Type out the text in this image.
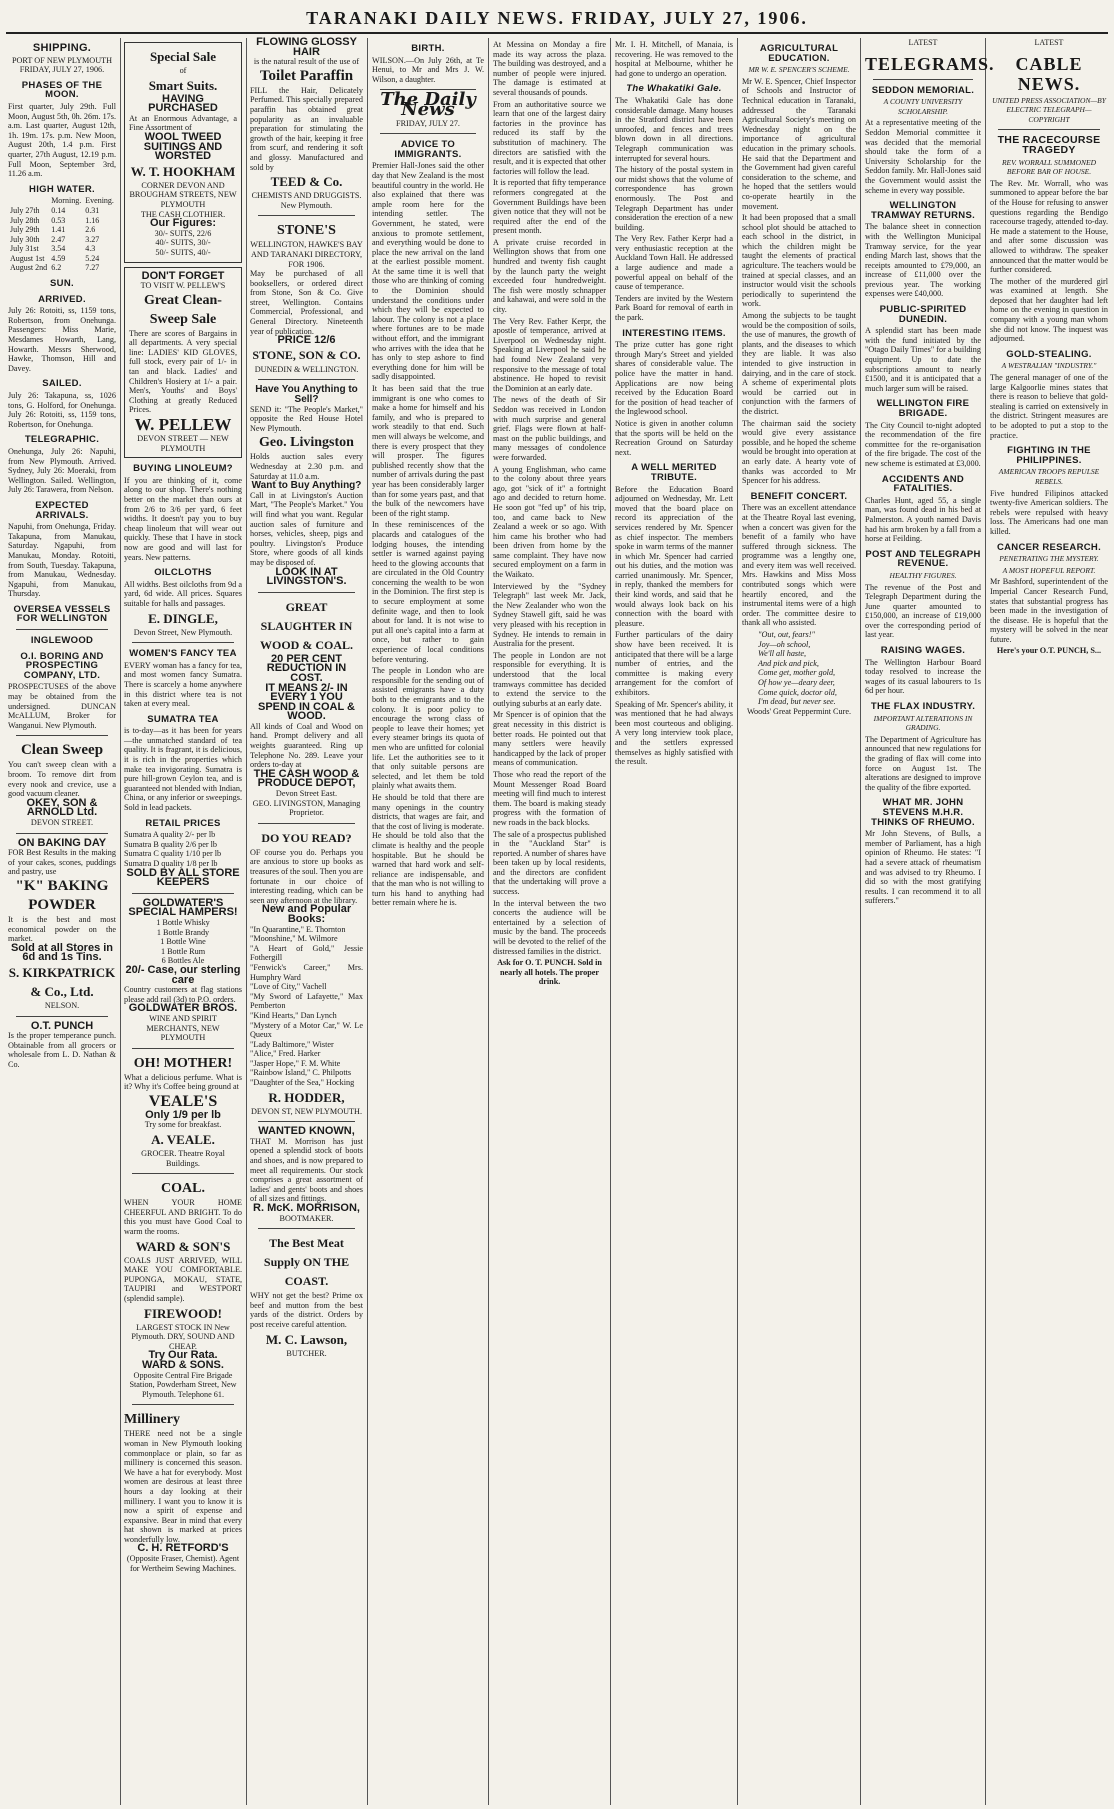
TARANAKI DAILY NEWS. FRIDAY, JULY 27, 1906.
SHIPPING.
PORT OF NEW PLYMOUTH
FRIDAY, JULY 27, 1906.
PHASES OF THE MOON.
First quarter, July 29th. Full Moon, August 5th, 0h. 26m. 17s. a.m. Last quarter, August 12th, 1h. 19m. 17s. p.m. New Moon, August 20th, 1.4 p.m. First quarter, 27th August, 12.19 p.m. Full Moon, September 3rd, 11.26 a.m.
HIGH WATER.
	Morning.	Evening.
July 27th	0.14	0.31
July 28th	0.53	1.16
July 29th	1.41	2.6
July 30th	2.47	3.27
July 31st	3.54	4.3
August 1st	4.59	5.24
August 2nd	6.2	7.27
SUN.
ARRIVED.
July 26: Rotoiti, ss, 1159 tons, Robertson, from Onehunga. Passengers: Miss Marie, Mesdames Howarth, Lang, Howarth. Messrs Sherwood, Hawke, Thomson, Hill and Davey.
SAILED.
July 26: Takapuna, ss, 1026 tons, G. Holford, for Onehunga. July 26: Rotoiti, ss, 1159 tons, Robertson, for Onehunga.
TELEGRAPHIC.
Onehunga, July 26: Napuhi, from New Plymouth. Arrived. Sydney, July 26: Moeraki, from Wellington. Sailed. Wellington, July 26: Tarawera, from Nelson.
EXPECTED ARRIVALS.
Napuhi, from Onehunga, Friday. Takapuna, from Manukau, Saturday. Ngapuhi, from Manukau, Monday. Rotoiti, from South, Tuesday. Takapuna, from Manukau, Wednesday. Ngapuhi, from Manukau, Thursday.
OVERSEA VESSELS FOR WELLINGTON
INGLEWOOD
O.I. BORING AND PROSPECTING COMPANY, LTD.
PROSPECTUSES of the above may be obtained from the undersigned. DUNCAN McALLUM, Broker for Wanganui. New Plymouth.
Clean Sweep
You can't sweep clean with a broom. To remove dirt from every nook and crevice, use a good vacuum cleaner.
OKEY, SON & ARNOLD Ltd.
DEVON STREET.
ON BAKING DAY
FOR Best Results in the making of your cakes, scones, puddings and pastry, use
"K" BAKING POWDER
It is the best and most economical powder on the market.
Sold at all Stores in 6d and 1s Tins.
S. KIRKPATRICK & Co., Ltd.
NELSON.
O.T. PUNCH
Is the proper temperance punch. Obtainable from all grocers or wholesale from L. D. Nathan & Co.
Special Sale
of
Smart Suits.
HAVING PURCHASED
At an Enormous Advantage, a Fine Assortment of
WOOL TWEED SUITINGS AND WORSTED
W. T. HOOKHAM
CORNER DEVON AND BROUGHAM STREETS, NEW PLYMOUTH
THE CASH CLOTHIER.
Our Figures:
30/- SUITS, 22/6
40/- SUITS, 30/-
50/- SUITS, 40/-
DON'T FORGET
TO VISIT W. PELLEW'S
Great Clean-Sweep Sale
There are scores of Bargains in all departments. A very special line: LADIES' KID GLOVES, full stock, every pair of 1/- in tan and black. Ladies' and Children's Hosiery at 1/- a pair. Men's, Youths' and Boys' Clothing at greatly Reduced Prices.
W. PELLEW
DEVON STREET — NEW PLYMOUTH
BUYING LINOLEUM?
If you are thinking of it, come along to our shop. There's nothing better on the market than ours at from 2/6 to 3/6 per yard, 6 feet widths. It doesn't pay you to buy cheap linoleum that will wear out quickly. These that I have in stock now are good and will last for years. New patterns.
OILCLOTHS
All widths. Best oilcloths from 9d a yard, 6d wide. All prices. Squares suitable for halls and passages.
E. DINGLE,
Devon Street, New Plymouth.
WOMEN'S FANCY TEA
EVERY woman has a fancy for tea, and most women fancy Sumatra. There is scarcely a home anywhere in this district where tea is not taken at every meal.
SUMATRA TEA
is to-day—as it has been for years—the unmatched standard of tea quality. It is fragrant, it is delicious, it is rich in the properties which make tea invigorating. Sumatra is pure hill-grown Ceylon tea, and is guaranteed not blended with Indian, China, or any inferior or sweepings. Sold in lead packets.
RETAIL PRICES
Sumatra A quality 2/- per lb
Sumatra B quality 2/6 per lb
Sumatra C quality 1/10 per lb
Sumatra D quality 1/8 per lb
SOLD BY ALL STORE KEEPERS
GOLDWATER'S SPECIAL HAMPERS!
1 Bottle Whisky
1 Bottle Brandy
1 Bottle Wine
1 Bottle Rum
6 Bottles Ale
20/- Case, our sterling care
Country customers at flag stations please add rail (3d) to P.O. orders.
GOLDWATER BROS.
WINE AND SPIRIT MERCHANTS, NEW PLYMOUTH
OH! MOTHER!
What a delicious perfume. What is it? Why it's Coffee being ground at
VEALE'S
Only 1/9 per lb
Try some for breakfast.
A. VEALE.
GROCER. Theatre Royal Buildings.
COAL.
WHEN YOUR HOME CHEERFUL AND BRIGHT. To do this you must have Good Coal to warm the rooms.
WARD & SON'S
COALS JUST ARRIVED, WILL MAKE YOU COMFORTABLE. PUPONGA, MOKAU, STATE, TAUPIRI and WESTPORT (splendid sample).
FIREWOOD!
LARGEST STOCK IN New Plymouth. DRY, SOUND AND CHEAP.
Try Our Rata.
WARD & SONS.
Opposite Central Fire Brigade Station, Powderham Street, New Plymouth. Telephone 61.
Millinery
THERE need not be a single woman in New Plymouth looking commonplace or plain, so far as millinery is concerned this season. We have a hat for everybody. Most women are desirous at least three hours a day looking at their millinery. I want you to know it is now a spirit of expense and expansive. Bear in mind that every hat shown is marked at prices wonderfully low.
C. H. RETFORD'S
(Opposite Fraser, Chemist). Agent for Wertheim Sewing Machines.
FLOWING GLOSSY HAIR
is the natural result of the use of
Toilet Paraffin
FILL the Hair, Delicately Perfumed. This specially prepared paraffin has obtained great popularity as an invaluable preparation for stimulating the growth of the hair, keeping it free from scurf, and rendering it soft and glossy. Manufactured and sold by
TEED & Co.
CHEMISTS AND DRUGGISTS. New Plymouth.
STONE'S
WELLINGTON, HAWKE'S BAY AND TARANAKI DIRECTORY, FOR 1906.
May be purchased of all booksellers, or ordered direct from Stone, Son & Co. Give street, Wellington. Contains Commercial, Professional, and General Directory. Nineteenth year of publication.
PRICE 12/6
STONE, SON & CO.
DUNEDIN & WELLINGTON.
Have You Anything to Sell?
SEND it: "The People's Market," opposite the Red House Hotel New Plymouth.
Geo. Livingston
Holds auction sales every Wednesday at 2.30 p.m. and Saturday at 11.0 a.m.
Want to Buy Anything?
Call in at Livingston's Auction Mart, "The People's Market." You will find what you want. Regular auction sales of furniture and horses, vehicles, sheep, pigs and poultry. Livingston's Produce Store, where goods of all kinds may be disposed of.
LOOK IN AT LIVINGSTON'S.
GREAT SLAUGHTER IN WOOD & COAL.
20 PER CENT REDUCTION IN COST.
IT MEANS 2/- IN EVERY 1 YOU SPEND IN COAL & WOOD.
All kinds of Coal and Wood on hand. Prompt delivery and all weights guaranteed. Ring up Telephone No. 289. Leave your orders to-day at
THE CASH WOOD & PRODUCE DEPOT,
Devon Street East.
GEO. LIVINGSTON, Managing Proprietor.
DO YOU READ?
OF course you do. Perhaps you are anxious to store up books as treasures of the soul. Then you are fortunate in our choice of interesting reading, which can be seen any afternoon at the library.
New and Popular Books:
"In Quarantine," E. Thornton
"Moonshine," M. Wilmore
"A Heart of Gold," Jessie Fothergill
"Fenwick's Career," Mrs. Humphry Ward
"Love of City," Vachell
"My Sword of Lafayette," Max Pemberton
"Kind Hearts," Dan Lynch
"Mystery of a Motor Car," W. Le Queux
"Lady Baltimore," Wister
"Alice," Fred. Harker
"Jasper Hope," F. M. White
"Rainbow Island," C. Philpotts
"Daughter of the Sea," Hocking
R. HODDER,
DEVON ST, NEW PLYMOUTH.
WANTED KNOWN,
THAT M. Morrison has just opened a splendid stock of boots and shoes, and is now prepared to meet all requirements. Our stock comprises a great assortment of ladies' and gents' boots and shoes of all sizes and fittings.
R. McK. MORRISON,
BOOTMAKER.
The Best Meat Supply ON THE COAST.
WHY not get the best? Prime ox beef and mutton from the best yards of the district. Orders by post receive careful attention.
M. C. Lawson,
BUTCHER.
BIRTH.
WILSON.—On July 26th, at Te Henui, to Mr and Mrs J. W. Wilson, a daughter.
The Daily News
FRIDAY, JULY 27.
ADVICE TO IMMIGRANTS.

Premier Hall-Jones said the other day that New Zealand is the most beautiful country in the world. He also explained that there was ample room here for the intending settler. The Government, he stated, were anxious to promote settlement, and everything would be done to place the new arrival on the land at the earliest possible moment. At the same time it is well that those who are thinking of coming to the Dominion should understand the conditions under which they will be expected to labour. The colony is not a place where fortunes are to be made without effort, and the immigrant who arrives with the idea that he has only to step ashore to find everything done for him will be sadly disappointed.

It has been said that the true immigrant is one who comes to make a home for himself and his family, and who is prepared to work steadily to that end. Such men will always be welcome, and there is every prospect that they will prosper. The figures published recently show that the number of arrivals during the past year has been considerably larger than for some years past, and that the bulk of the newcomers have been of the right stamp.

In these reminiscences of the placards and catalogues of the lodging houses, the intending settler is warned against paying heed to the glowing accounts that are circulated in the Old Country concerning the wealth to be won in the Dominion. The first step is to secure employment at some definite wage, and then to look about for land. It is not wise to put all one's capital into a farm at once, but rather to gain experience of local conditions before venturing.

The people in London who are responsible for the sending out of assisted emigrants have a duty both to the emigrants and to the colony. It is poor policy to encourage the wrong class of people to leave their homes; yet every steamer brings its quota of men who are unfitted for colonial life. Let the authorities see to it that only suitable persons are selected, and let them be told plainly what awaits them.

He should be told that there are many openings in the country districts, that wages are fair, and that the cost of living is moderate. He should be told also that the climate is healthy and the people hospitable. But he should be warned that hard work and self-reliance are indispensable, and that the man who is not willing to turn his hand to anything had better remain where he is.

At Messina on Monday a fire made its way across the plaza. The building was destroyed, and a number of people were injured. The damage is estimated at several thousands of pounds.

From an authoritative source we learn that one of the largest dairy factories in the province has reduced its staff by the substitution of machinery. The directors are satisfied with the result, and it is expected that other factories will follow the lead.

It is reported that fifty temperance reformers congregated at the Government Buildings have been given notice that they will not be required after the end of the present month.

A private cruise recorded in Wellington shows that from one hundred and twenty fish caught by the launch party the weight exceeded four hundredweight. The fish were mostly schnapper and kahawai, and were sold in the city.

The Very Rev. Father Kerpr, the apostle of temperance, arrived at Liverpool on Wednesday night. Speaking at Liverpool he said he had found New Zealand very responsive to the message of total abstinence. He hoped to revisit the Dominion at an early date.

The news of the death of Sir Seddon was received in London with much surprise and general grief. Flags were flown at half-mast on the public buildings, and many messages of condolence were forwarded.

A young Englishman, who came to the colony about three years ago, got "sick of it" a fortnight ago and decided to return home. He soon got "fed up" of his trip, too, and came back to New Zealand a week or so ago. With him came his brother who had been driven from home by the same complaint. They have now secured employment on a farm in the Waikato.

Interviewed by the "Sydney Telegraph" last week Mr. Jack, the New Zealander who won the Sydney Stawell gift, said he was very pleased with his reception in Sydney. He intends to remain in Australia for the present.

The people in London are not responsible for everything. It is understood that the local tramways committee has decided to extend the service to the outlying suburbs at an early date.

Mr Spencer is of opinion that the great necessity in this district is better roads. He pointed out that many settlers were heavily handicapped by the lack of proper means of communication.

Those who read the report of the Mount Messenger Road Board meeting will find much to interest them. The board is making steady progress with the formation of new roads in the back blocks.

The sale of a prospectus published in the "Auckland Star" is reported. A number of shares have been taken up by local residents, and the directors are confident that the undertaking will prove a success.

In the interval between the two concerts the audience will be entertained by a selection of music by the band. The proceeds will be devoted to the relief of the distressed families in the district.

Ask for O. T. PUNCH. Sold in nearly all hotels. The proper drink.

Mr. I. H. Mitchell, of Manaia, is recovering. He was removed to the hospital at Melbourne, whither he had gone to undergo an operation.

The Whakatiki Gale.

The Whakatiki Gale has done considerable damage. Many houses in the Stratford district have been unroofed, and fences and trees blown down in all directions. Telegraph communication was interrupted for several hours.

The history of the postal system in our midst shows that the volume of correspondence has grown enormously. The Post and Telegraph Department has under consideration the erection of a new building.

The Very Rev. Father Kerpr had a very enthusiastic reception at the Auckland Town Hall. He addressed a large audience and made a powerful appeal on behalf of the cause of temperance.

Tenders are invited by the Western Park Board for removal of earth in the park.

INTERESTING ITEMS.

The prize cutter has gone right through Mary's Street and yielded shares of considerable value. The police have the matter in hand. Applications are now being received by the Education Board for the position of head teacher of the Inglewood school.

Notice is given in another column that the sports will be held on the Recreation Ground on Saturday next.

A WELL MERITED TRIBUTE.

Before the Education Board adjourned on Wednesday, Mr. Lett moved that the board place on record its appreciation of the services rendered by Mr. Spencer as chief inspector. The members spoke in warm terms of the manner in which Mr. Spencer had carried out his duties, and the motion was carried unanimously. Mr. Spencer, in reply, thanked the members for their kind words, and said that he would always look back on his connection with the board with pleasure.

Further particulars of the dairy show have been received. It is anticipated that there will be a large number of entries, and the committee is making every arrangement for the comfort of exhibitors.

Speaking of Mr. Spencer's ability, it was mentioned that he had always been most courteous and obliging. A very long interview took place, and the settlers expressed themselves as highly satisfied with the result.

AGRICULTURAL EDUCATION.
MR W. E. SPENCER'S SCHEME.

Mr W. E. Spencer, Chief Inspector of Schools and Instructor of Technical education in Taranaki, addressed the Taranaki Agricultural Society's meeting on Wednesday night on the importance of agricultural education in the primary schools. He said that the Department and the Government had given careful consideration to the scheme, and he hoped that the settlers would co-operate heartily in the movement.

It had been proposed that a small school plot should be attached to each school in the district, in which the children might be taught the elements of practical agriculture. The teachers would be trained at special classes, and an instructor would visit the schools periodically to superintend the work.

Among the subjects to be taught would be the composition of soils, the use of manures, the growth of plants, and the diseases to which they are liable. It was also intended to give instruction in dairying, and in the care of stock. A scheme of experimental plots would be carried out in conjunction with the farmers of the district.

The chairman said the society would give every assistance possible, and he hoped the scheme would be brought into operation at an early date. A hearty vote of thanks was accorded to Mr Spencer for his address.

BENEFIT CONCERT.

There was an excellent attendance at the Theatre Royal last evening, when a concert was given for the benefit of a family who have suffered through sickness. The programme was a lengthy one, and every item was well received. Mrs. Hawkins and Miss Moss contributed songs which were heartily encored, and the instrumental items were of a high order. The committee desire to thank all who assisted.

"Out, out, fears!"
Joy—oh school,
We'll all haste,
And pick and pick,
Come get, mother gold,
Of how ye—deary deer,
Come quick, doctor old,
I'm dead, but never see.
Woods' Great Peppermint Cure.
LATEST
TELEGRAMS.
SEDDON MEMORIAL.
A COUNTY UNIVERSITY SCHOLARSHIP.

At a representative meeting of the Seddon Memorial committee it was decided that the memorial should take the form of a University Scholarship for the Seddon family. Mr. Hall-Jones said the Government would assist the scheme in every way possible.

WELLINGTON TRAMWAY RETURNS.

The balance sheet in connection with the Wellington Municipal Tramway service, for the year ending March last, shows that the receipts amounted to £79,000, an increase of £11,000 over the previous year. The working expenses were £40,000.

PUBLIC-SPIRITED DUNEDIN.

A splendid start has been made with the fund initiated by the "Otago Daily Times" for a building equipment. Up to date the subscriptions amount to nearly £1500, and it is anticipated that a much larger sum will be raised.

WELLINGTON FIRE BRIGADE.

The City Council to-night adopted the recommendation of the fire committee for the re-organisation of the fire brigade. The cost of the new scheme is estimated at £3,000.

ACCIDENTS AND FATALITIES.

Charles Hunt, aged 55, a single man, was found dead in his bed at Palmerston. A youth named Davis had his arm broken by a fall from a horse at Feilding.

POST AND TELEGRAPH REVENUE.
HEALTHY FIGURES.

The revenue of the Post and Telegraph Department during the June quarter amounted to £150,000, an increase of £19,000 over the corresponding period of last year.

RAISING WAGES.

The Wellington Harbour Board today resolved to increase the wages of its casual labourers to 1s 6d per hour.

THE FLAX INDUSTRY.
IMPORTANT ALTERATIONS IN GRADING.

The Department of Agriculture has announced that new regulations for the grading of flax will come into force on August 1st. The alterations are designed to improve the quality of the fibre exported.

WHAT MR. JOHN STEVENS M.H.R. THINKS OF RHEUMO.

Mr John Stevens, of Bulls, a member of Parliament, has a high opinion of Rheumo. He states: "I had a severe attack of rheumatism and was advised to try Rheumo. I did so with the most gratifying results. I can recommend it to all sufferers."

LATEST
CABLE NEWS.
UNITED PRESS ASSOCIATION—BY ELECTRIC TELEGRAPH—COPYRIGHT
THE RACECOURSE TRAGEDY
REV. WORRALL SUMMONED BEFORE BAR OF HOUSE.

The Rev. Mr. Worrall, who was summoned to appear before the bar of the House for refusing to answer questions regarding the Bendigo racecourse tragedy, attended to-day. He made a statement to the House, and after some discussion was allowed to withdraw. The speaker announced that the matter would be further considered.

The mother of the murdered girl was examined at length. She deposed that her daughter had left home on the evening in question in company with a young man whom she did not know. The inquest was adjourned.

GOLD-STEALING.
A WESTRALIAN "INDUSTRY."

The general manager of one of the large Kalgoorlie mines states that there is reason to believe that gold-stealing is carried on extensively in the district. Stringent measures are to be adopted to put a stop to the practice.

FIGHTING IN THE PHILIPPINES.
AMERICAN TROOPS REPULSE REBELS.

Five hundred Filipinos attacked twenty-five American soldiers. The rebels were repulsed with heavy loss. The Americans had one man killed.

CANCER RESEARCH.
PENETRATING THE MYSTERY.
A MOST HOPEFUL REPORT.

Mr Bashford, superintendent of the Imperial Cancer Research Fund, states that substantial progress has been made in the investigation of the disease. He is hopeful that the mystery will be solved in the near future.

Here's your O.T. PUNCH, S...
